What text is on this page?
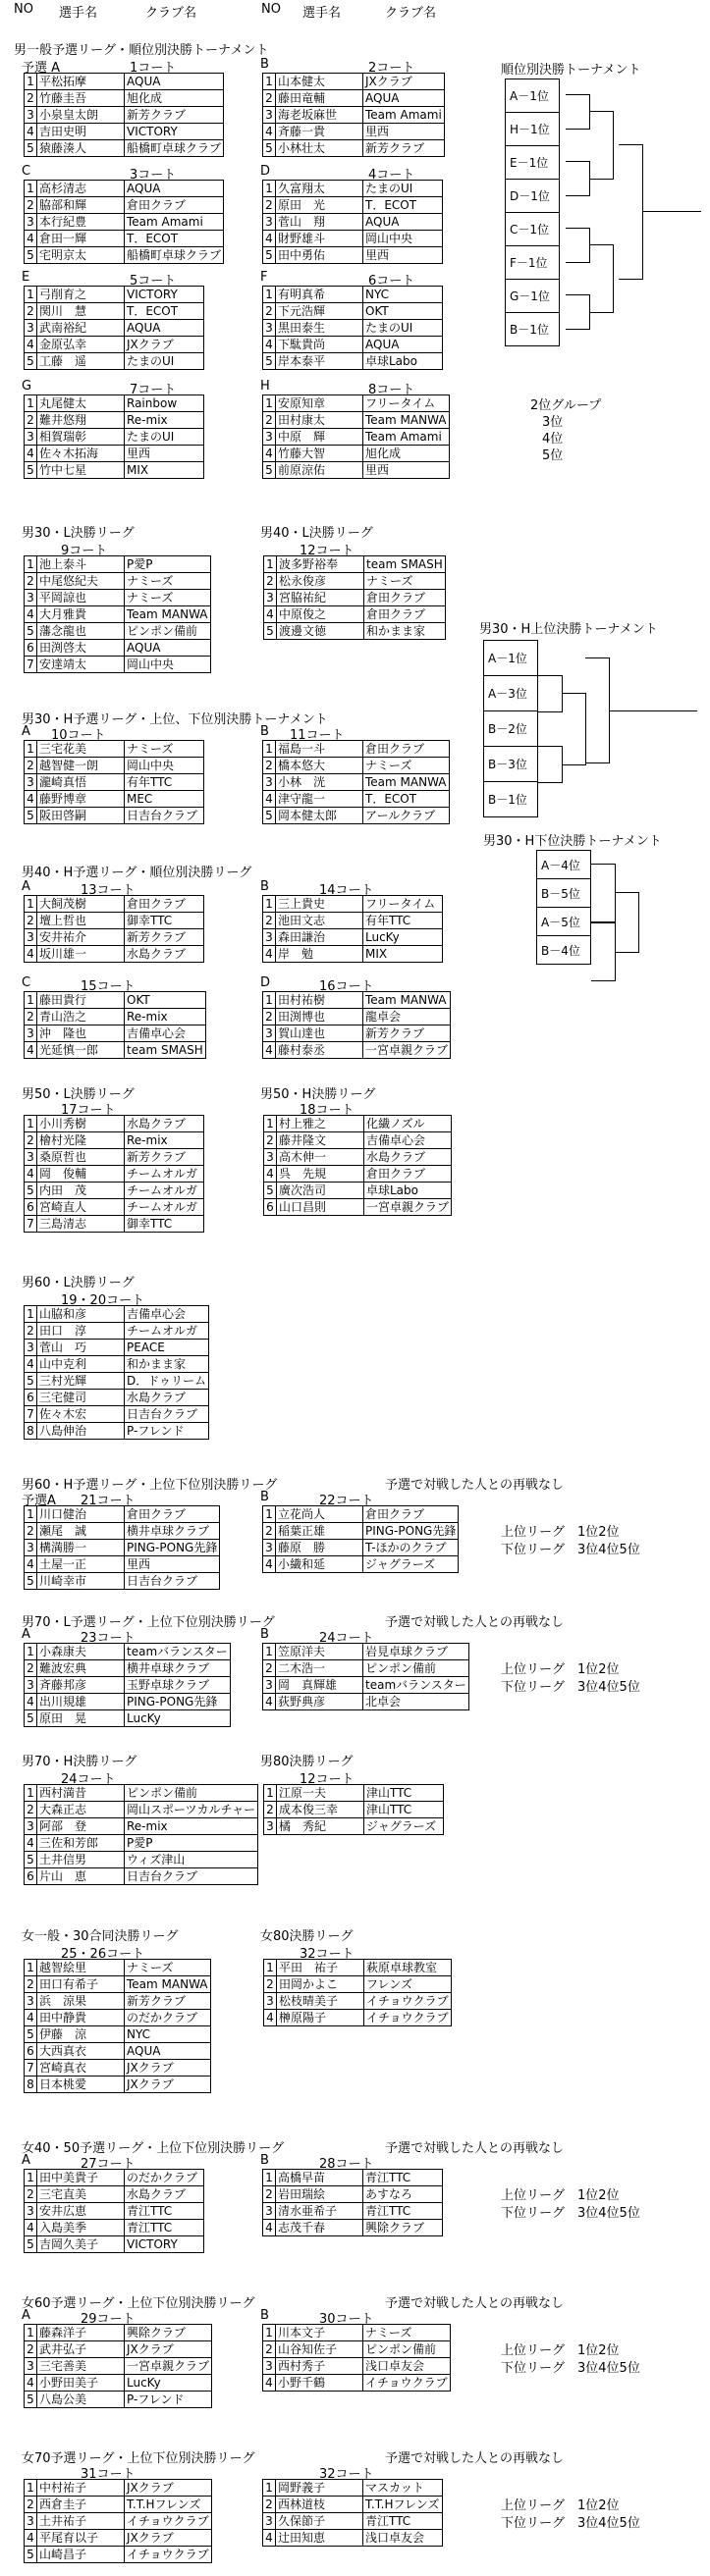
NO 選手名	クラブ名	NO 選手名	クラブ名
男一般予選リーグ・順位別決勝トーナメント
予選 A	1コート
1	平松拓摩	AQUA
2	竹藤圭吾	旭化成
3	小泉皇太朗	新芳クラブ
4	吉田史明	VICTORY
5	猿藤湊人	船橋町卓球クラブ
B	2コート
1	山本健太	JXクラブ
2	藤田竜輔	AQUA
3	海老坂麻世	Team Amami
4	斉藤一貴	里西
5	小林壮太	新芳クラブ
C	3コート
1	高杉清志	AQUA
2	脇部和輝	倉田クラブ
3	本行紀豊	Team Amami
4	倉田一輝	T．ECOT
5	宅明京太	船橋町卓球クラブ
D	4コート
1	久富翔太	たまのUI
2	原田　光	T．ECOT
3	菅山　翔	AQUA
4	財野雄斗	岡山中央
5	田中勇佑	里西
E	5コート
1	弓削育之	VICTORY
2	関川　慧	T．ECOT
3	武南裕紀	AQUA
4	金原弘幸	JXクラブ
5	工藤　遥	たまのUI
F	6コート
1	有明真希	NYC
2	下元浩輝	OKT
3	黒田泰生	たまのUI
4	下駄貴尚	AQUA
5	岸本泰平	卓球Labo
G	7コート
1	丸尾健太	Rainbow
2	難井悠翔	Re-mix
3	相賀瑞彰	たまのUI
4	佐々木拓海	里西
5	竹中七星	MIX
H	8コート
1	安原知章	フリータイム
2	田村康太	Team MANWA
3	中原　輝	Team Amami
4	竹藤大智	旭化成
5	前原涼佑	里西
順位別決勝トーナメント
A－1位
H－1位
E－1位
D－1位
C－1位
F－1位
G－1位
B－1位
2位グループ
3位
4位
5位
男30・L決勝リーグ
9コート
1	池上泰斗	P愛P
2	中尾悠紀夫	ナミーズ
3	平岡諒也	ナミーズ
4	大月雅貴	Team MANWA
5	藩念龍也	ピンポン備前
6	田渕啓太	AQUA
7	安達靖太	岡山中央
男40・L決勝リーグ
12コート
1	波多野裕奉	team SMASH
2	松永俊彦	ナミーズ
3	宮脇祐紀	倉田クラブ
4	中原俊之	倉田クラブ
5	渡邊文徳	和かまま家
男30・H予選リーグ・上位、下位別決勝トーナメント
A 10コート
1	三宅花美	ナミーズ
2	越智健一朗	岡山中央
3	瀧崎真悟	有年TTC
4	藤野博章	MEC
5	阪田啓嗣	日吉台クラブ
B 11コート
1	福島一斗	倉田クラブ
2	橋本悠大	ナミーズ
3	小林　洸	Team MANWA
4	津守龍一	T．ECOT
5	岡本健太郎	アールクラブ
男30・H上位決勝トーナメント
A－1位
A－3位
B－2位
B－3位
B－1位
男30・H下位決勝トーナメント
A－4位
B－5位
A－5位
B－4位
男40・H予選リーグ・順位別決勝リーグ
A	13コート
1	大飼茂樹	倉田クラブ
2	壇上哲也	御幸TTC
3	安井祐介	新芳クラブ
4	坂川雄一	水島クラブ
B	14コート
1	三上貴史	フリータイム
2	池田文志	有年TTC
3	森田謙治	LucKy
4	岸　勉	MIX
C	15コート
1	藤田貴行	OKT
2	青山浩之	Re-mix
3	沖　隆也	吉備卓心会
4	光延慎一郎	team SMASH
D	16コート
1	田村祐樹	Team MANWA
2	田渕博也	龍卓会
3	賀山達也	新芳クラブ
4	藤村泰丞	一宮卓親クラブ
男50・L決勝リーグ
17コート
1	小川秀樹	水島クラブ
2	檜村光隆	Re-mix
3	桑原哲也	新芳クラブ
4	岡　俊輔	チームオルガ
5	内田　茂	チームオルガ
6	宮崎直人	チームオルガ
7	三島清志	御幸TTC
男50・H決勝リーグ
18コート
1	村上雅之	化繊ノズル
2	藤井隆文	吉備卓心会
3	高木伸一	水島クラブ
4	呉　先規	倉田クラブ
5	廣次浩司	卓球Labo
6	山口昌則	一宮卓親クラブ
男60・L決勝リーグ
19・20コート
1	山脇和彦	吉備卓心会
2	田口　淳	チームオルガ
3	菅山　巧	PEACE
4	山中克利	和かまま家
5	三村光輝	D．ドゥリーム
6	三宅健司	水島クラブ
7	佐々木宏	日吉台クラブ
8	八島伸治	P-フレンド
男60・H予選リーグ・上位下位別決勝リーグ	予選で対戦した人との再戦なし
予選A 21コート
1	川口健治	倉田クラブ
2	瀬尾　誠	横井卓球クラブ
3	構満勝一	PING-PONG先鋒
4	土屋一正	里西
5	川崎幸市	日吉台クラブ
B	22コート
1	立花尚人	倉田クラブ
2	稲葉正雄	PING-PONG先鋒
3	藤原　勝	T-ほかのクラブ
4	小繊和延	ジャグラーズ
上位リーグ　1位2位
下位リーグ　3位4位5位
男70・L予選リーグ・上位下位別決勝リーグ	予選で対戦した人との再戦なし
A	23コート
1	小森康夫	teamバランスター
2	難波宏典	横井卓球クラブ
3	斉藤邦彦	玉野卓球クラブ
4	出川規雄	PING-PONG先鋒
5	原田　晃	LucKy
B	24コート
1	笠原洋夫	岩見卓球クラブ
2	二木浩一	ピンポン備前
3	岡　真輝雄	teamバランスター
4	荻野典彦	北卓会
上位リーグ　1位2位
下位リーグ　3位4位5位
男70・H決勝リーグ
24コート
1	西村満昔	ピンポン備前
2	大森正志	岡山スポーツカルチャー
3	阿部　登	Re-mix
4	三佐和芳郎	P愛P
5	土井信男	ウィズ津山
6	片山　恵	日吉台クラブ
男80決勝リーグ
12コート
1	江原一夫	津山TTC
2	成本俊三幸	津山TTC
3	橘　秀紀	ジャグラーズ
女一般・30合同決勝リーグ
25・26コート
1	越智絵里	ナミーズ
2	田口有希子	Team MANWA
3	浜　涼果	新芳クラブ
4	田中静貴	のだかクラブ
5	伊藤　涼	NYC
6	大西真衣	AQUA
7	宮崎真衣	JXクラブ
8	日本桃愛	JXクラブ
女80決勝リーグ
32コート
1	平田　祐子	萩原卓球教室
2	田岡かよこ	フレンズ
3	松枝晴美子	イチョウクラブ
4	榊原陽子	イチョウクラブ
女40・50予選リーグ・上位下位別決勝リーグ	予選で対戦した人との再戦なし
A	27コート
1	田中美貴子	のだかクラブ
2	三宅直美	水島クラブ
3	安井広恵	青江TTC
4	入島美季	青江TTC
5	吉岡久美子	VICTORY
B	28コート
1	高橋早苗	青江TTC
2	岩田瑞絵	あすなろ
3	清水亜希子	青江TTC
4	志茂千春	興除クラブ
上位リーグ　1位2位
下位リーグ　3位4位5位
女60予選リーグ・上位下位別決勝リーグ	予選で対戦した人との再戦なし
A	29コート
1	藤森洋子	興除クラブ
2	武井弘子	JXクラブ
3	三宅善美	一宮卓親クラブ
4	小野田美子	LucKy
5	八島公美	P-フレンド
B	30コート
1	川本文子	ナミーズ
2	山谷知佐子	ピンポン備前
3	西村秀子	浅口卓友会
4	小野千鶴	イチョウクラブ
上位リーグ　1位2位
下位リーグ　3位4位5位
女70予選リーグ・上位下位別決勝リーグ	予選で対戦した人との再戦なし
31コート
1	中村祐子	JXクラブ
2	西倉圭子	T.T.Hフレンズ
3	土井祐子	イチョウクラブ
4	平尾育以子	JXクラブ
5	山崎昌子	イチョウクラブ
32コート
1	岡野義子	マスカット
2	西林道枝	T.T.Hフレンズ
3	久保節子	青江TTC
4	辻田知恵	浅口卓友会
上位リーグ　1位2位
下位リーグ　3位4位5位
